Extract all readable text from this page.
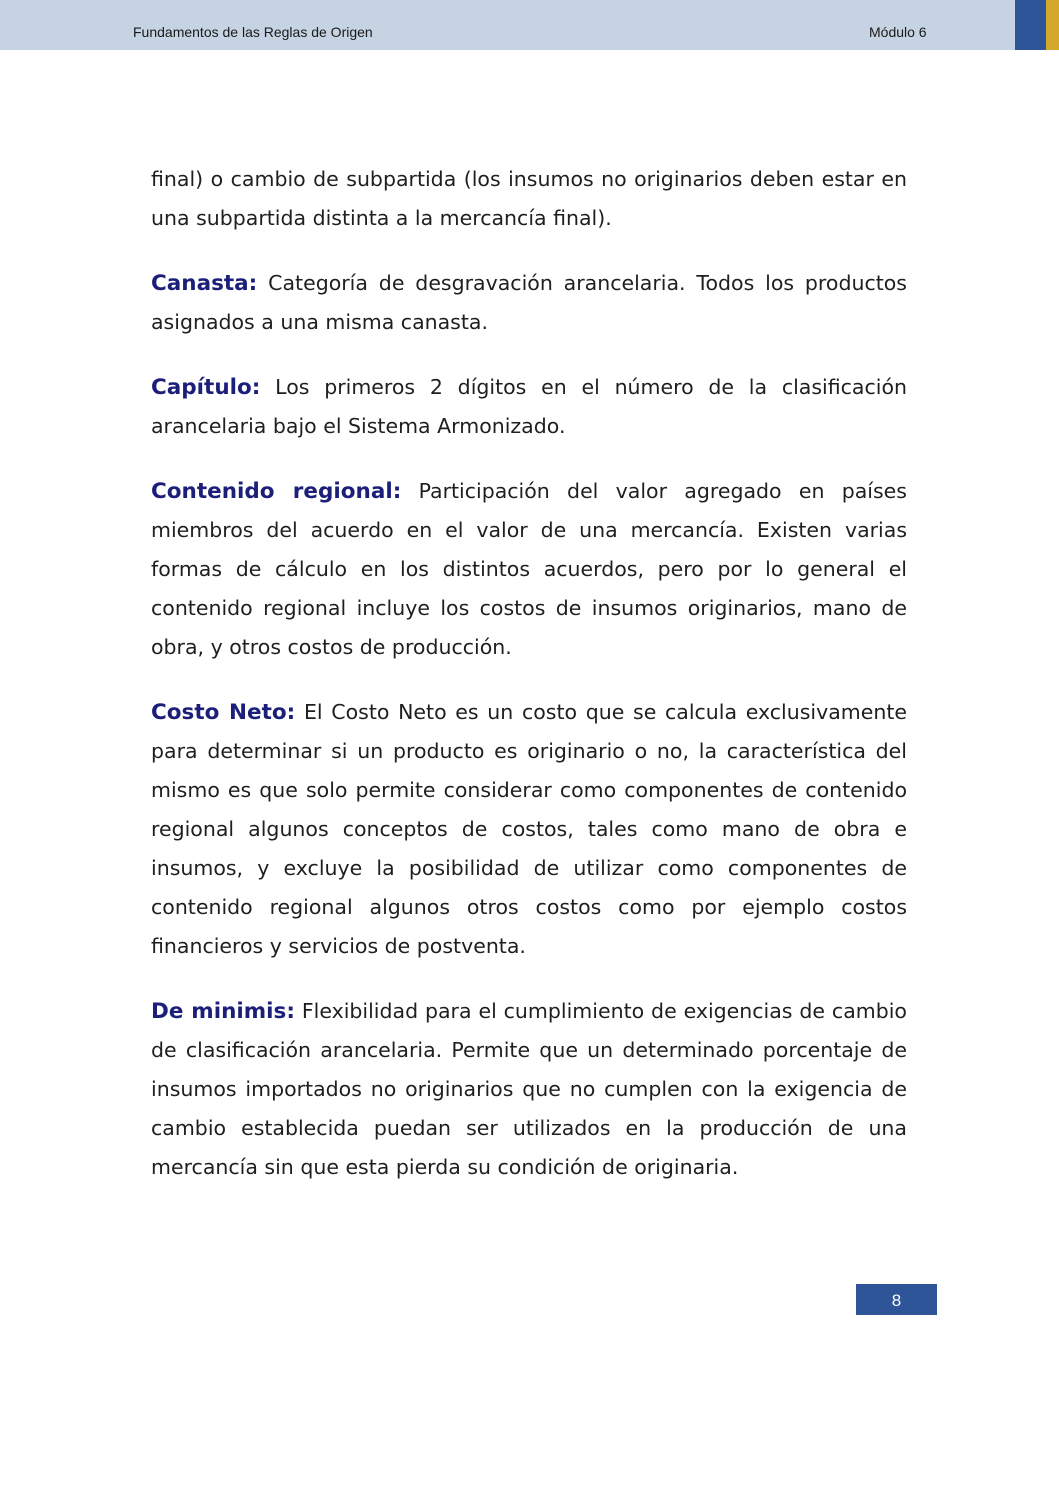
Fundamentos de las Reglas de Origen	Módulo 6

final) o cambio de subpartida (los insumos no originarios deben estar en una subpartida distinta a la mercancía final).

Canasta: Categoría de desgravación arancelaria. Todos los productos asignados a una misma canasta.

Capítulo: Los primeros 2 dígitos en el número de la clasificación arancelaria bajo el Sistema Armonizado.

Contenido regional: Participación del valor agregado en países miembros del acuerdo en el valor de una mercancía. Existen varias formas de cálculo en los distintos acuerdos, pero por lo general el contenido regional incluye los costos de insumos originarios, mano de obra, y otros costos de producción.

Costo Neto: El Costo Neto es un costo que se calcula exclusivamente para determinar si un producto es originario o no, la característica del mismo es que solo permite considerar como componentes de contenido regional algunos conceptos de costos, tales como mano de obra e insumos, y excluye la posibilidad de utilizar como componentes de contenido regional algunos otros costos como por ejemplo costos financieros y servicios de postventa.

De minimis: Flexibilidad para el cumplimiento de exigencias de cambio de clasificación arancelaria. Permite que un determinado porcentaje de insumos importados no originarios que no cumplen con la exigencia de cambio establecida puedan ser utilizados en la producción de una mercancía sin que esta pierda su condición de originaria.

8
